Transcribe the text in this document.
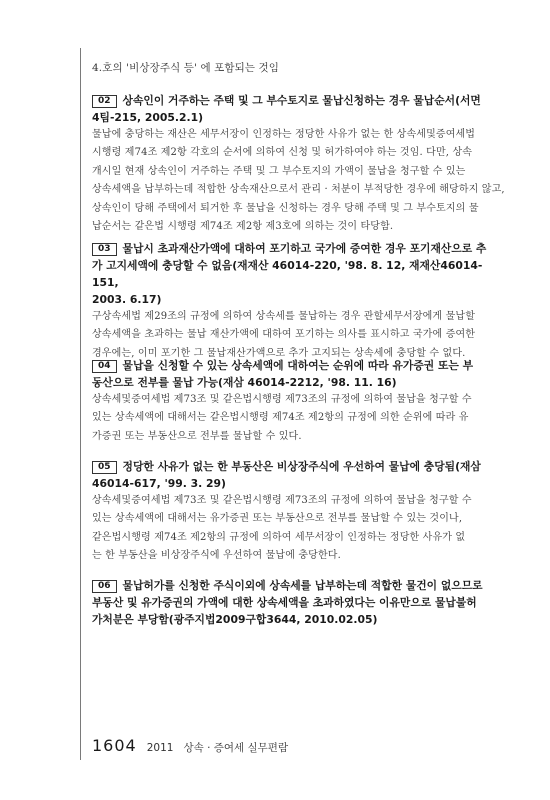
4.호의 '비상장주식 등' 에 포함되는 것임

02 상속인이 거주하는 주택 및 그 부수토지로 물납신청하는 경우 물납순서(서면
4팀-215, 2005.2.1)

물납에 충당하는 재산은 세무서장이 인정하는 정당한 사유가 없는 한 상속세및증여세법

시행령 제74조 제2항 각호의 순서에 의하여 신청 및 허가하여야 하는 것임. 다만, 상속

개시일 현재 상속인이 거주하는 주택 및 그 부수토지의 가액이 물납을 청구할 수 있는

상속세액을 납부하는데 적합한 상속재산으로서 관리 · 처분이 부적당한 경우에 해당하지 않고,

상속인이 당해 주택에서 퇴거한 후 물납을 신청하는 경우 당해 주택 및 그 부수토지의 물

납순서는 같은법 시행령 제74조 제2항 제3호에 의하는 것이 타당함.

03 물납시 초과재산가액에 대하여 포기하고 국가에 증여한 경우 포기재산으로 추
가 고지세액에 충당할 수 없음(재재산 46014-220, '98. 8. 12, 재재산46014-151,
2003. 6.17)

구상속세법 제29조의 규정에 의하여 상속세를 물납하는 경우 관할세무서장에게 물납할

상속세액을 초과하는 물납 재산가액에 대하여 포기하는 의사를 표시하고 국가에 증여한

경우에는, 이미 포기한 그 물납재산가액으로 추가 고지되는 상속세에 충당할 수 없다.

04 물납을 신청할 수 있는 상속세액에 대하여는 순위에 따라 유가증권 또는 부
동산으로 전부를 물납 가능(재삼 46014-2212, '98. 11. 16)

상속세및증여세법 제73조 및 같은법시행령 제73조의 규정에 의하여 물납을 청구할 수

있는 상속세액에 대해서는 같은법시행령 제74조 제2항의 규정에 의한 순위에 따라 유

가증권 또는 부동산으로 전부를 물납할 수 있다.

05 정당한 사유가 없는 한 부동산은 비상장주식에 우선하여 물납에 충당됨(재삼
46014-617, '99. 3. 29)

상속세및증여세법 제73조 및 같은법시행령 제73조의 규정에 의하여 물납을 청구할 수

있는 상속세액에 대해서는 유가증권 또는 부동산으로 전부를 물납할 수 있는 것이나,

같은법시행령 제74조 제2항의 규정에 의하여 세무서장이 인정하는 정당한 사유가 없

는 한 부동산을 비상장주식에 우선하여 물납에 충당한다.

06 물납허가를 신청한 주식이외에 상속세를 납부하는데 적합한 물건이 없으므로
부동산 및 유가증권의 가액에 대한 상속세액을 초과하였다는 이유만으로 물납불허
가처분은 부당함(광주지법2009구합3644, 2010.02.05)

1604 2011 상속 · 증여세 실무편람
